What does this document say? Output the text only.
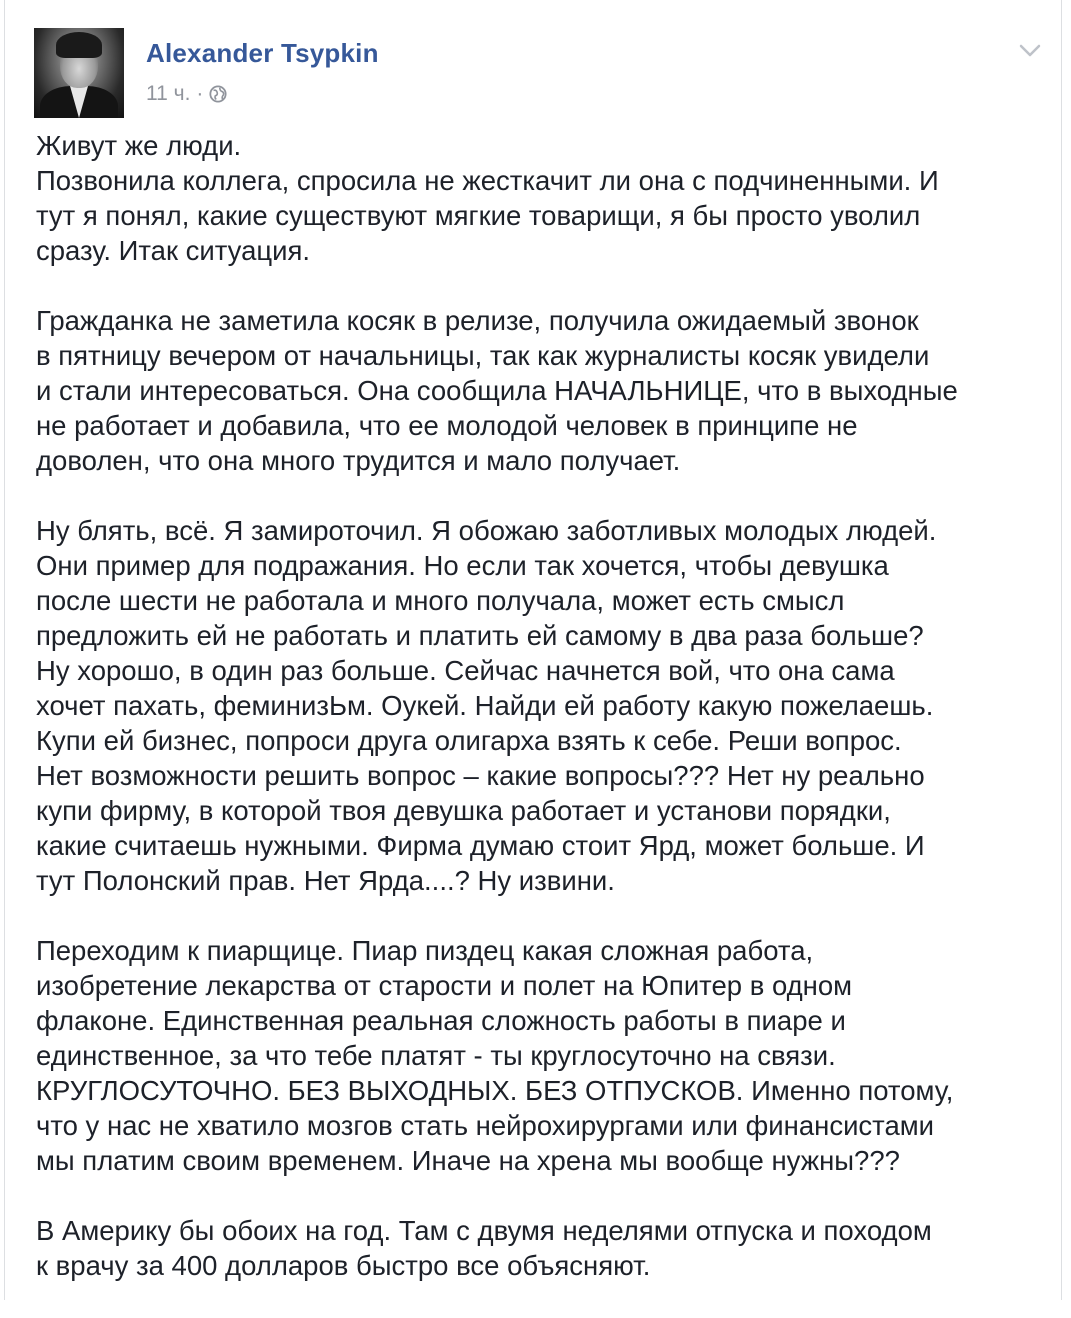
Alexander Tsypkin
11 ч. ·

Живут же люди.
Позвонила коллега, спросила не жесткачит ли она с подчиненными. И
тут я понял, какие существуют мягкие товарищи, я бы просто уволил
сразу. Итак ситуация.

Гражданка не заметила косяк в релизе, получила ожидаемый звонок
в пятницу вечером от начальницы, так как журналисты косяк увидели
и стали интересоваться. Она сообщила НАЧАЛЬНИЦЕ, что в выходные
не работает и добавила, что ее молодой человек в принципе не
доволен, что она много трудится и мало получает.

Ну блять, всё. Я замироточил. Я обожаю заботливых молодых людей.
Они пример для подражания. Но если так хочется, чтобы девушка
после шести не работала и много получала, может есть смысл
предложить ей не работать и платить ей самому в два раза больше?
Ну хорошо, в один раз больше. Сейчас начнется вой, что она сама
хочет пахать, феминизЬм. Оукей. Найди ей работу какую пожелаешь.
Купи ей бизнес, попроси друга олигарха взять к себе. Реши вопрос.
Нет возможности решить вопрос – какие вопросы??? Нет ну реально
купи фирму, в которой твоя девушка работает и установи порядки,
какие считаешь нужными. Фирма думаю стоит Ярд, может больше. И
тут Полонский прав. Нет Ярда....? Ну извини.

Переходим к пиарщице. Пиар пиздец какая сложная работа,
изобретение лекарства от старости и полет на Юпитер в одном
флаконе. Единственная реальная сложность работы в пиаре и
единственное, за что тебе платят - ты круглосуточно на связи.
КРУГЛОСУТОЧНО. БЕЗ ВЫХОДНЫХ. БЕЗ ОТПУСКОВ. Именно потому,
что у нас не хватило мозгов стать нейрохирургами или финансистами
мы платим своим временем. Иначе на хрена мы вообще нужны???

В Америку бы обоих на год. Там с двумя неделями отпуска и походом
к врачу за 400 долларов быстро все объясняют.
